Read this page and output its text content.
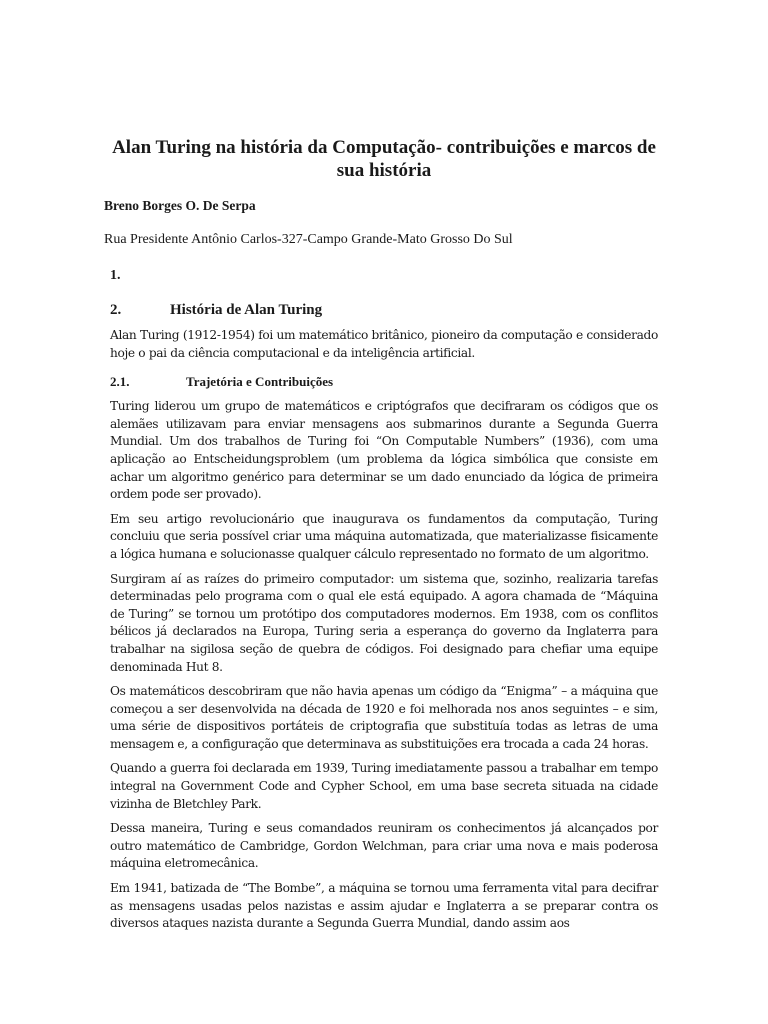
Alan Turing na história da Computação- contribuições e marcos de sua história
Breno Borges O. De Serpa
Rua Presidente Antônio Carlos-327-Campo Grande-Mato Grosso Do Sul
1.
2.	História de Alan Turing

Alan Turing (1912-1954) foi um matemático britânico, pioneiro da computação e considerado hoje o pai da ciência computacional e da inteligência artificial.

2.1.	Trajetória e Contribuições

Turing liderou um grupo de matemáticos e criptógrafos que decifraram os códigos que os alemães utilizavam para enviar mensagens aos submarinos durante a Segunda Guerra Mundial. Um dos trabalhos de Turing foi “On Computable Numbers” (1936), com uma aplicação ao Entscheidungsproblem (um problema da lógica simbólica que consiste em achar um algoritmo genérico para determinar se um dado enunciado da lógica de primeira ordem pode ser provado).

Em seu artigo revolucionário que inaugurava os fundamentos da computação, Turing concluiu que seria possível criar uma máquina automatizada, que materializasse fisicamente a lógica humana e solucionasse qualquer cálculo representado no formato de um algoritmo.

Surgiram aí as raízes do primeiro computador: um sistema que, sozinho, realizaria tarefas determinadas pelo programa com o qual ele está equipado. A agora chamada de “Máquina de Turing” se tornou um protótipo dos computadores modernos. Em 1938, com os conflitos bélicos já declarados na Europa, Turing seria a esperança do governo da Inglaterra para trabalhar na sigilosa seção de quebra de códigos. Foi designado para chefiar uma equipe denominada Hut 8.

Os matemáticos descobriram que não havia apenas um código da “Enigma” – a máquina que começou a ser desenvolvida na década de 1920 e foi melhorada nos anos seguintes – e sim, uma série de dispositivos portáteis de criptografia que substituía todas as letras de uma mensagem e, a configuração que determinava as substituições era trocada a cada 24 horas.

Quando a guerra foi declarada em 1939, Turing imediatamente passou a trabalhar em tempo integral na Government Code and Cypher School, em uma base secreta situada na cidade vizinha de Bletchley Park.

Dessa maneira, Turing e seus comandados reuniram os conhecimentos já alcançados por outro matemático de Cambridge, Gordon Welchman, para criar uma nova e mais poderosa máquina eletromecânica.

Em 1941, batizada de “The Bombe”, a máquina se tornou uma ferramenta vital para decifrar as mensagens usadas pelos nazistas e assim ajudar e Inglaterra a se preparar contra os diversos ataques nazista durante a Segunda Guerra Mundial, dando assim aos
